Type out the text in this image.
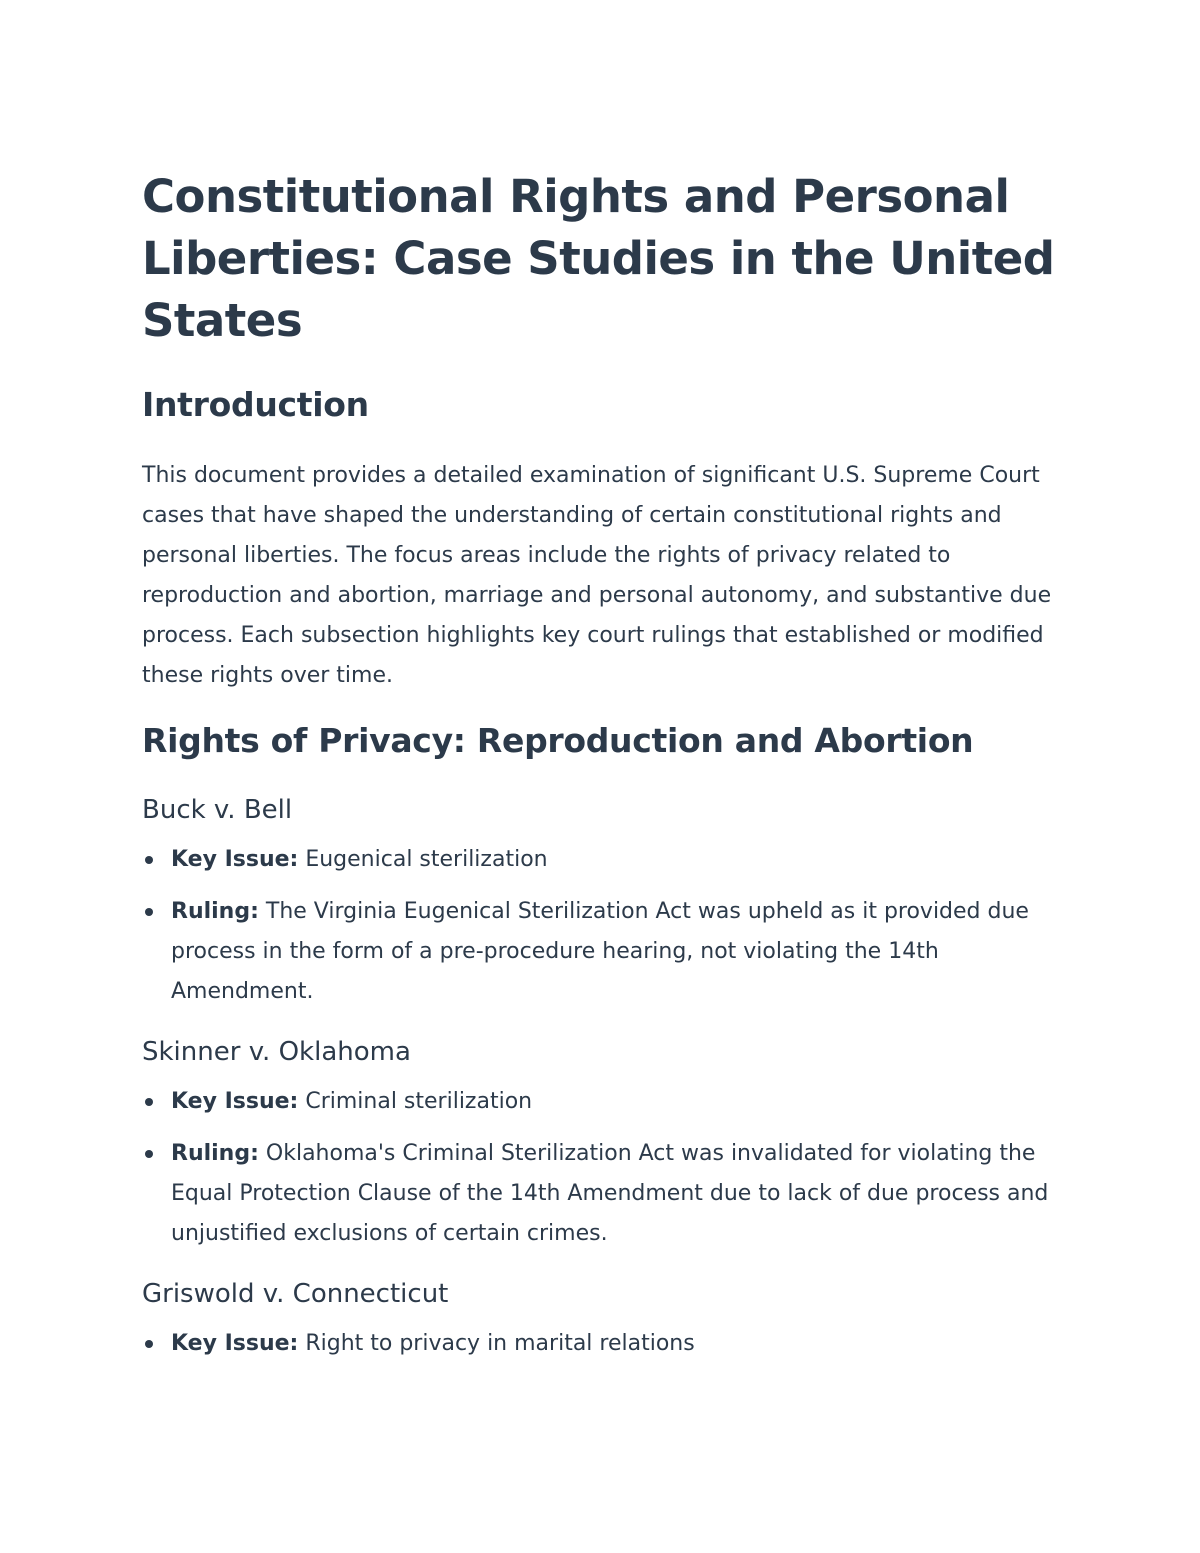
Constitutional Rights and Personal Liberties: Case Studies in the United States
Introduction

This document provides a detailed examination of significant U.S. Supreme Court cases that have shaped the understanding of certain constitutional rights and personal liberties. The focus areas include the rights of privacy related to reproduction and abortion, marriage and personal autonomy, and substantive due process. Each subsection highlights key court rulings that established or modified these rights over time.

Rights of Privacy: Reproduction and Abortion
Buck v. Bell
Key Issue: Eugenical sterilization
Ruling: The Virginia Eugenical Sterilization Act was upheld as it provided due process in the form of a pre-procedure hearing, not violating the 14th Amendment.
Skinner v. Oklahoma
Key Issue: Criminal sterilization
Ruling: Oklahoma's Criminal Sterilization Act was invalidated for violating the Equal Protection Clause of the 14th Amendment due to lack of due process and unjustified exclusions of certain crimes.
Griswold v. Connecticut
Key Issue: Right to privacy in marital relations
